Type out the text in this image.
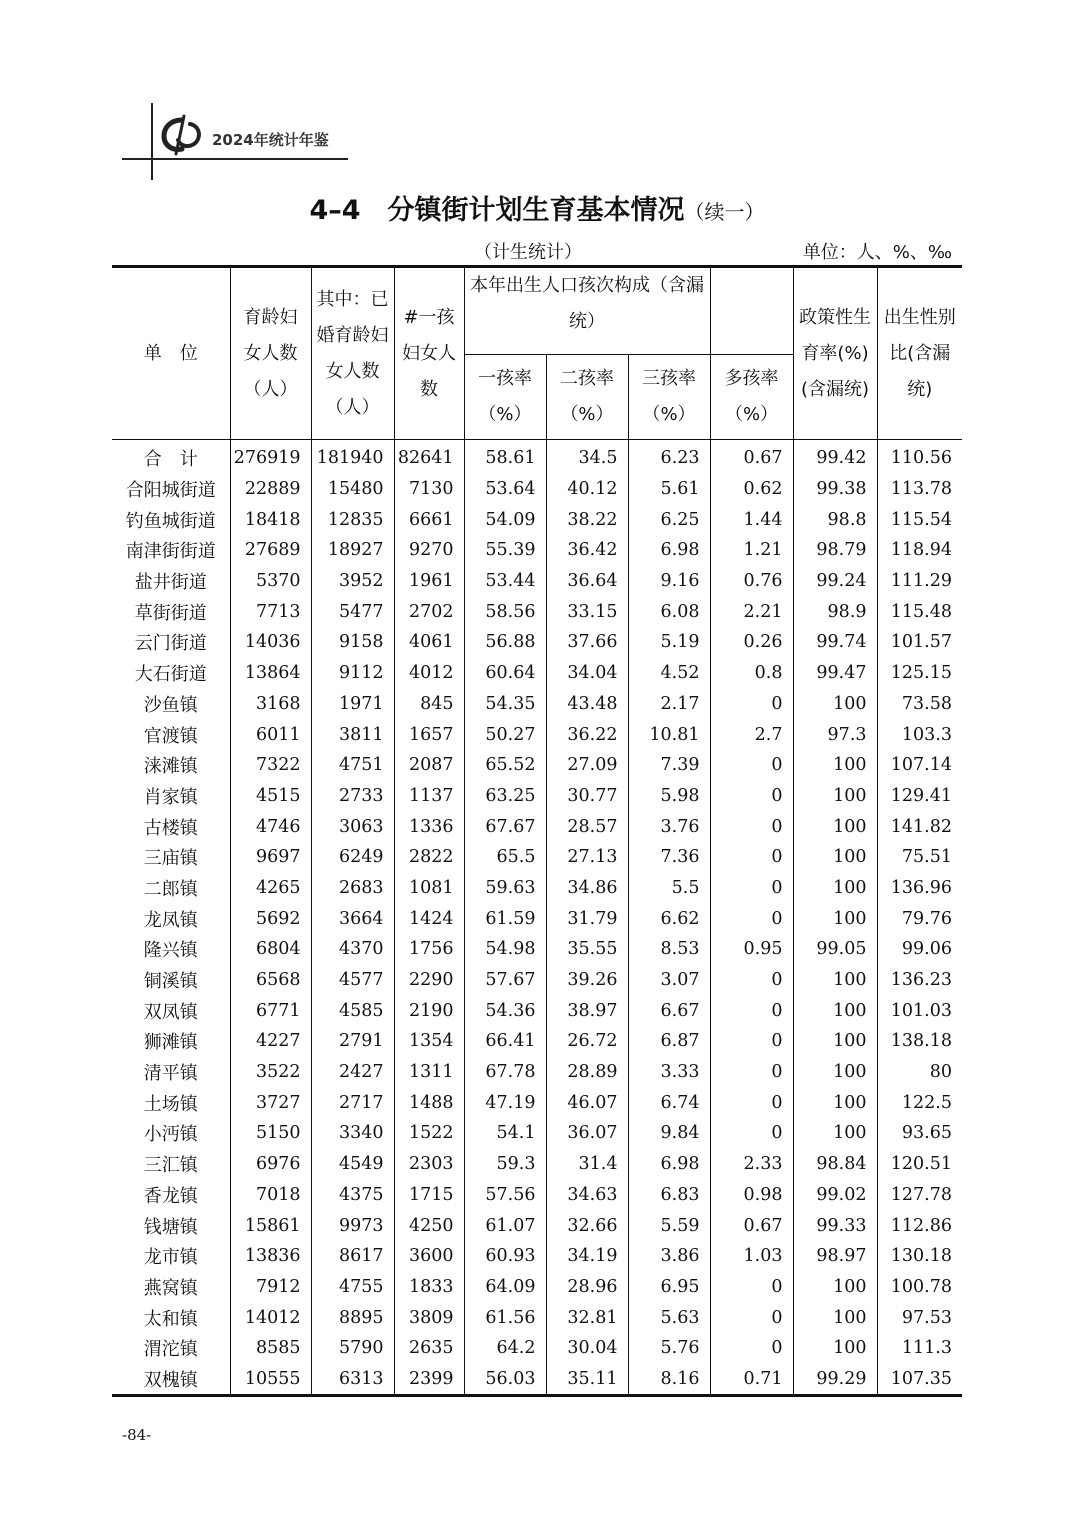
2024年统计年鉴
4–4　分镇街计划生育基本情况（续一）
（计生统计）	单位：人、%、‰
单　位	育龄妇女人数（人）	其中：已婚育龄妇女人数（人）	#一孩妇女人数	本年出生人口孩次构成（含漏统）				政策性生育率(%)(含漏统)	出生性别比(含漏统)
				一孩率（%）	二孩率（%）	三孩率（%）	多孩率（%）		
合　计	276919	181940	82641	58.61	34.5	6.23	0.67	99.42	110.56
合阳城街道	22889	15480	7130	53.64	40.12	5.61	0.62	99.38	113.78
钓鱼城街道	18418	12835	6661	54.09	38.22	6.25	1.44	98.8	115.54
南津街街道	27689	18927	9270	55.39	36.42	6.98	1.21	98.79	118.94
盐井街道	5370	3952	1961	53.44	36.64	9.16	0.76	99.24	111.29
草街街道	7713	5477	2702	58.56	33.15	6.08	2.21	98.9	115.48
云门街道	14036	9158	4061	56.88	37.66	5.19	0.26	99.74	101.57
大石街道	13864	9112	4012	60.64	34.04	4.52	0.8	99.47	125.15
沙鱼镇	3168	1971	845	54.35	43.48	2.17	0	100	73.58
官渡镇	6011	3811	1657	50.27	36.22	10.81	2.7	97.3	103.3
涞滩镇	7322	4751	2087	65.52	27.09	7.39	0	100	107.14
肖家镇	4515	2733	1137	63.25	30.77	5.98	0	100	129.41
古楼镇	4746	3063	1336	67.67	28.57	3.76	0	100	141.82
三庙镇	9697	6249	2822	65.5	27.13	7.36	0	100	75.51
二郎镇	4265	2683	1081	59.63	34.86	5.5	0	100	136.96
龙凤镇	5692	3664	1424	61.59	31.79	6.62	0	100	79.76
隆兴镇	6804	4370	1756	54.98	35.55	8.53	0.95	99.05	99.06
铜溪镇	6568	4577	2290	57.67	39.26	3.07	0	100	136.23
双凤镇	6771	4585	2190	54.36	38.97	6.67	0	100	101.03
狮滩镇	4227	2791	1354	66.41	26.72	6.87	0	100	138.18
清平镇	3522	2427	1311	67.78	28.89	3.33	0	100	80
土场镇	3727	2717	1488	47.19	46.07	6.74	0	100	122.5
小沔镇	5150	3340	1522	54.1	36.07	9.84	0	100	93.65
三汇镇	6976	4549	2303	59.3	31.4	6.98	2.33	98.84	120.51
香龙镇	7018	4375	1715	57.56	34.63	6.83	0.98	99.02	127.78
钱塘镇	15861	9973	4250	61.07	32.66	5.59	0.67	99.33	112.86
龙市镇	13836	8617	3600	60.93	34.19	3.86	1.03	98.97	130.18
燕窝镇	7912	4755	1833	64.09	28.96	6.95	0	100	100.78
太和镇	14012	8895	3809	61.56	32.81	5.63	0	100	97.53
渭沱镇	8585	5790	2635	64.2	30.04	5.76	0	100	111.3
双槐镇	10555	6313	2399	56.03	35.11	8.16	0.71	99.29	107.35
-84-
